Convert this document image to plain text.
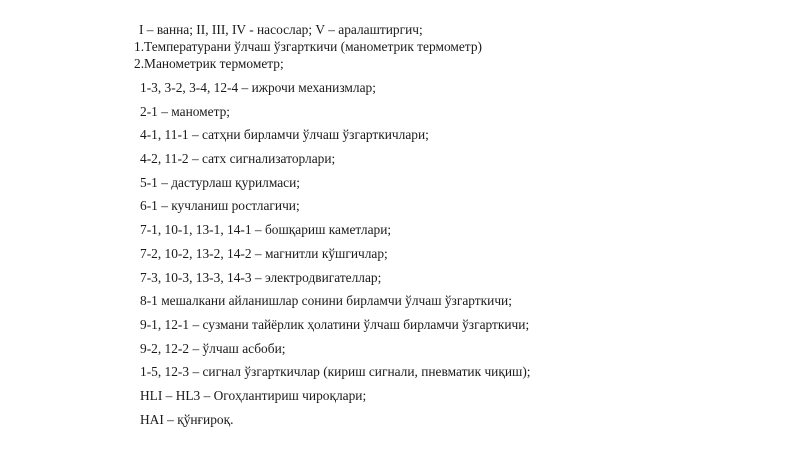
I – ванна; II, III, IV - насослар; V – аралаштиргич;
1.Температурани ўлчаш ўзгарткичи (манометрик термометр)
2.Манометрик термометр;
1-3, 3-2, 3-4, 12-4 – ижрочи механизмлар;
2-1 – манометр;
4-1, 11-1 – сатҳни бирламчи ўлчаш ўзгарткичлари;
4-2, 11-2 – сатх сигнализаторлари;
5-1 – дастурлаш қурилмаси;
6-1 – кучланиш ростлагичи;
7-1, 10-1, 13-1, 14-1 – бошқариш каметлари;
7-2, 10-2, 13-2, 14-2 – магнитли кўшгичлар;
7-3, 10-3, 13-3, 14-3 – электродвигателлар;
8-1 мешалкани айланишлар сонини бирламчи ўлчаш ўзгарткичи;
9-1, 12-1 – сузмани тайёрлик ҳолатини ўлчаш бирламчи ўзгарткичи;
9-2, 12-2 – ўлчаш асбоби;
1-5, 12-3 – сигнал ўзгарткичлар (кириш сигнали, пневматик чиқиш);
HLI – HL3 – Огоҳлантириш чироқлари;
HAI – қўнғироқ.
